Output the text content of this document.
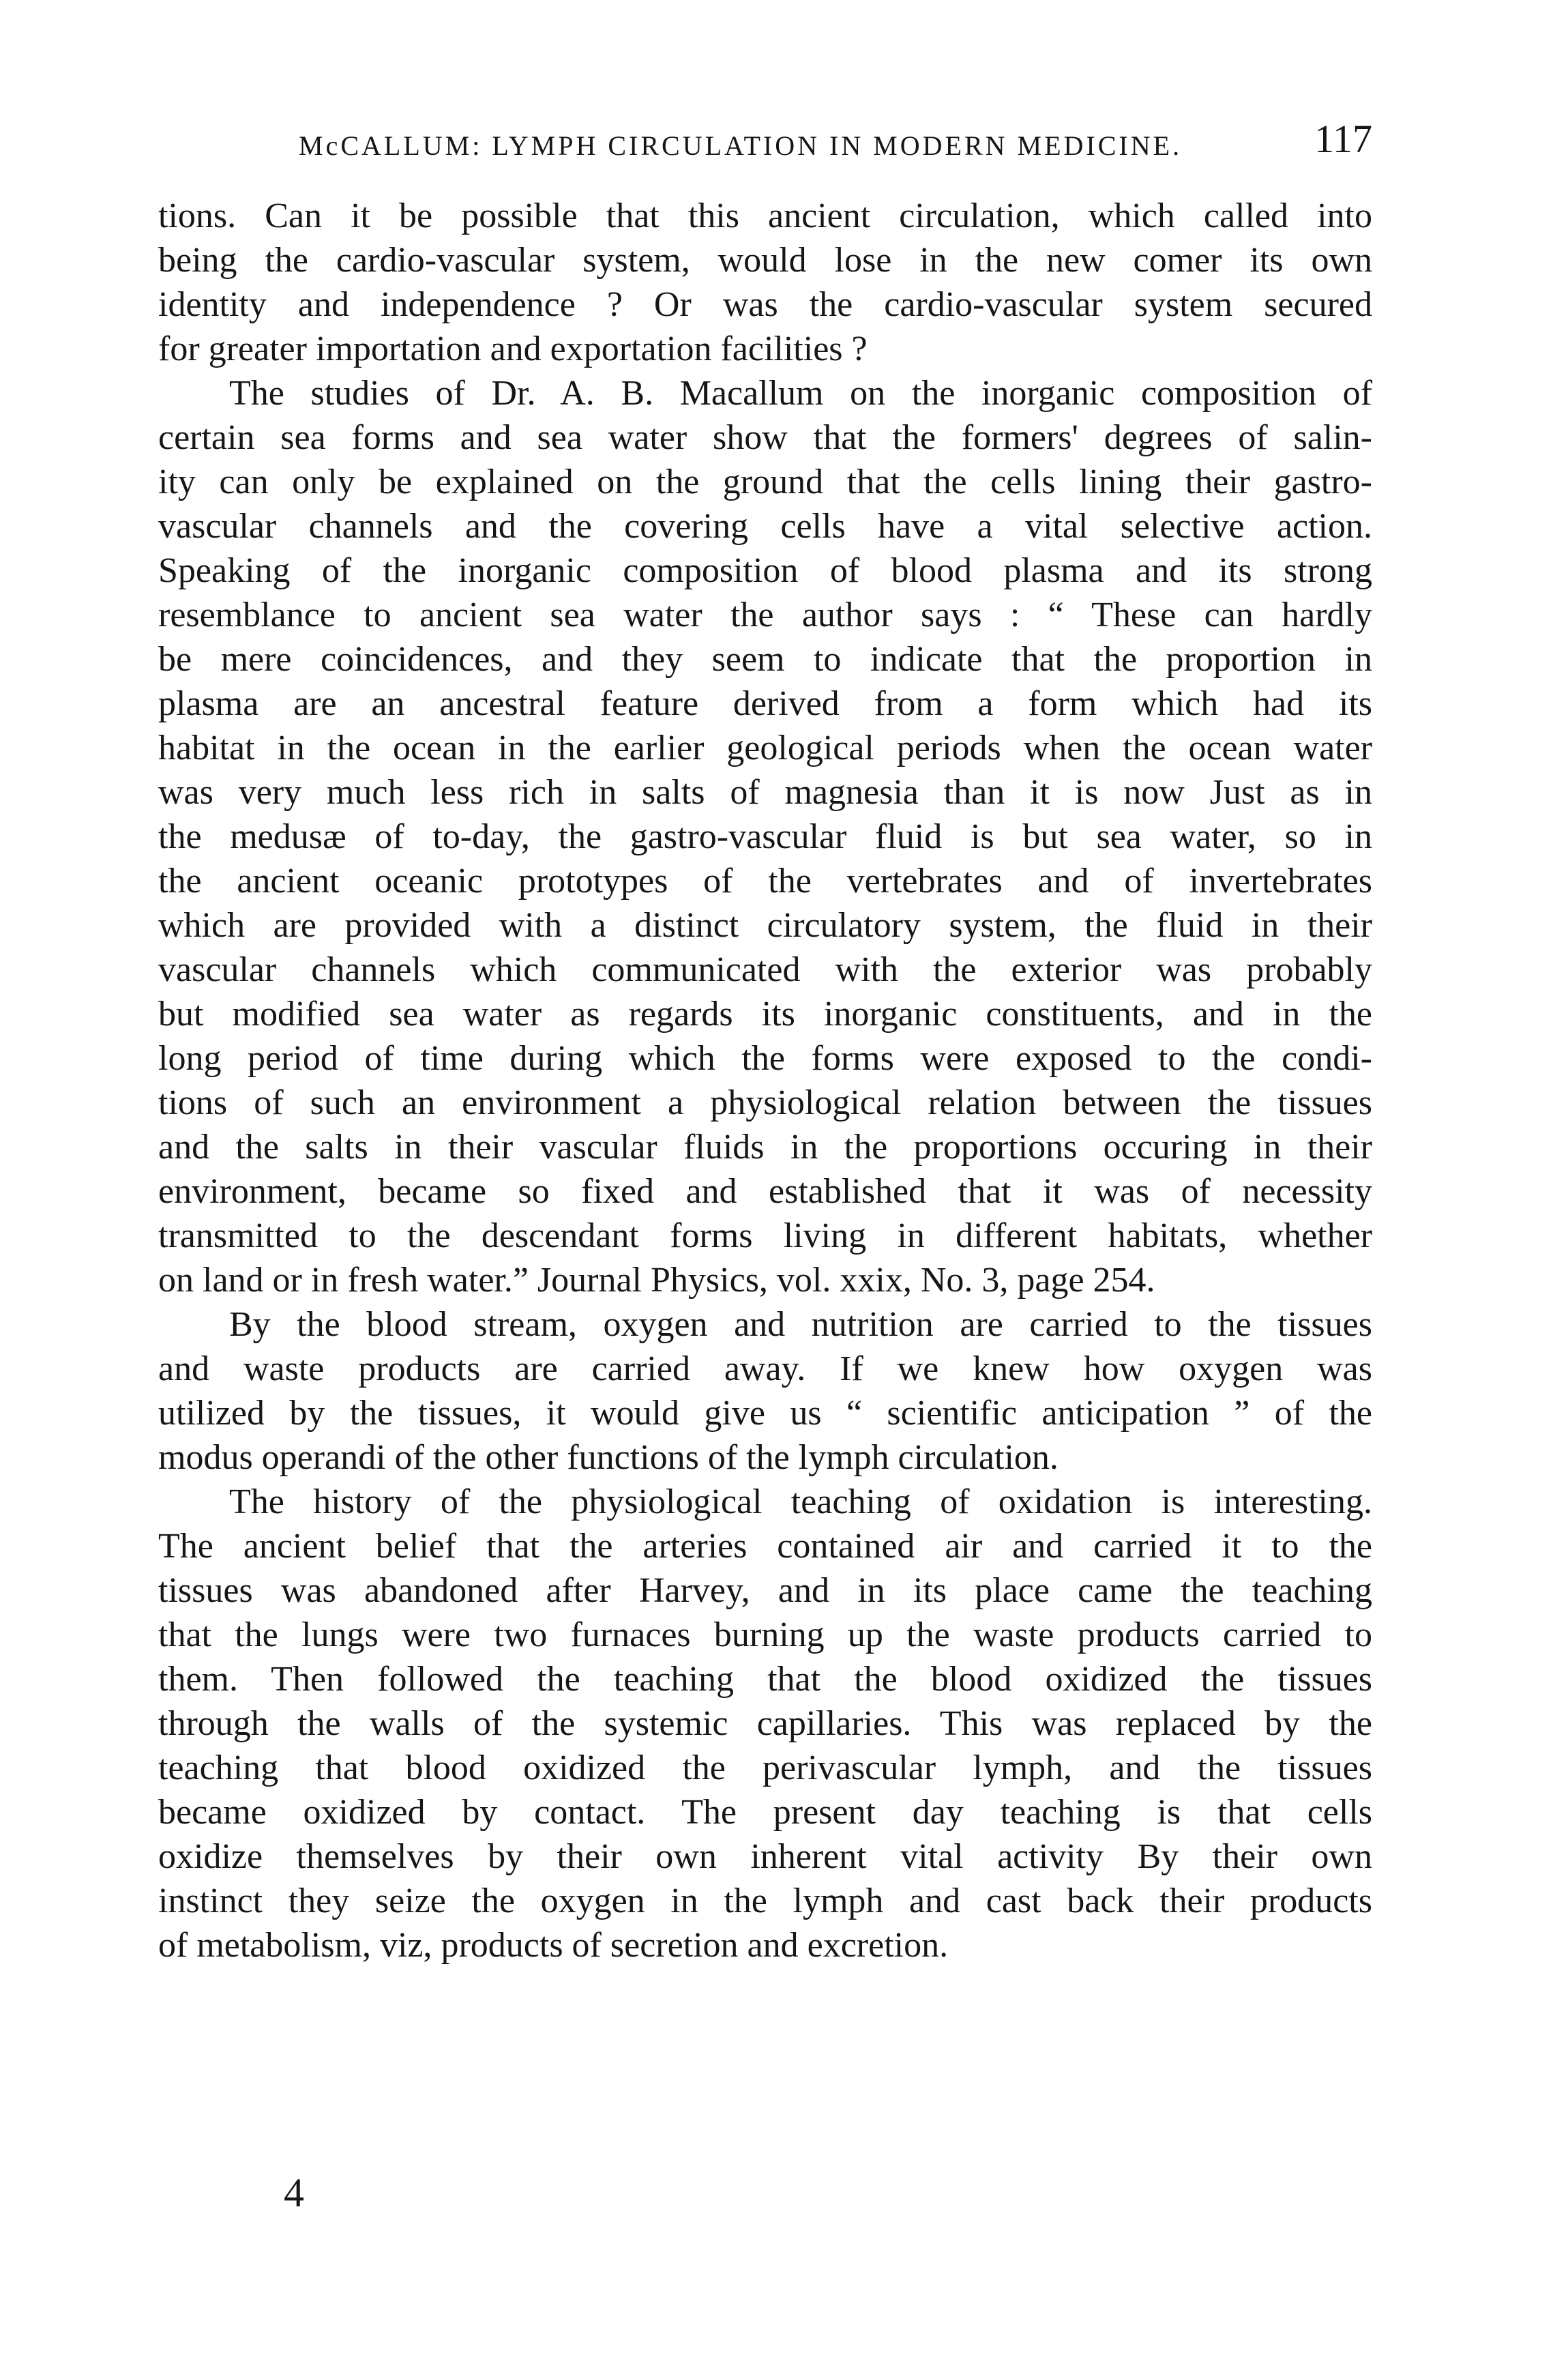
McCALLUM: LYMPH CIRCULATION IN MODERN MEDICINE.	117
tions. Can it be possible that this ancient circulation, which called into
being the cardio-vascular system, would lose in the new comer its own
identity and independence ? Or was the cardio-vascular system secured
for greater importation and exportation facilities ?
The studies of Dr. A. B. Macallum on the inorganic composition of
certain sea forms and sea water show that the formers' degrees of salin-
ity can only be explained on the ground that the cells lining their gastro-
vascular channels and the covering cells have a vital selective action.
Speaking of the inorganic composition of blood plasma and its strong
resemblance to ancient sea water the author says : “ These can hardly
be mere coincidences, and they seem to indicate that the proportion in
plasma are an ancestral feature derived from a form which had its
habitat in the ocean in the earlier geological periods when the ocean water
was very much less rich in salts of magnesia than it is now Just as in
the medusæ of to-day, the gastro-vascular fluid is but sea water, so in
the ancient oceanic prototypes of the vertebrates and of invertebrates
which are provided with a distinct circulatory system, the fluid in their
vascular channels which communicated with the exterior was probably
but modified sea water as regards its inorganic constituents, and in the
long period of time during which the forms were exposed to the condi-
tions of such an environment a physiological relation between the tissues
and the salts in their vascular fluids in the proportions occuring in their
environment, became so fixed and established that it was of necessity
transmitted to the descendant forms living in different habitats, whether
on land or in fresh water.” Journal Physics, vol. xxix, No. 3, page 254.
By the blood stream, oxygen and nutrition are carried to the tissues
and waste products are carried away. If we knew how oxygen was
utilized by the tissues, it would give us “ scientific anticipation ” of the
modus operandi of the other functions of the lymph circulation.
The history of the physiological teaching of oxidation is interesting.
The ancient belief that the arteries contained air and carried it to the
tissues was abandoned after Harvey, and in its place came the teaching
that the lungs were two furnaces burning up the waste products carried to
them. Then followed the teaching that the blood oxidized the tissues
through the walls of the systemic capillaries. This was replaced by the
teaching that blood oxidized the perivascular lymph, and the tissues
became oxidized by contact. The present day teaching is that cells
oxidize themselves by their own inherent vital activity By their own
instinct they seize the oxygen in the lymph and cast back their products
of metabolism, viz, products of secretion and excretion.
4
